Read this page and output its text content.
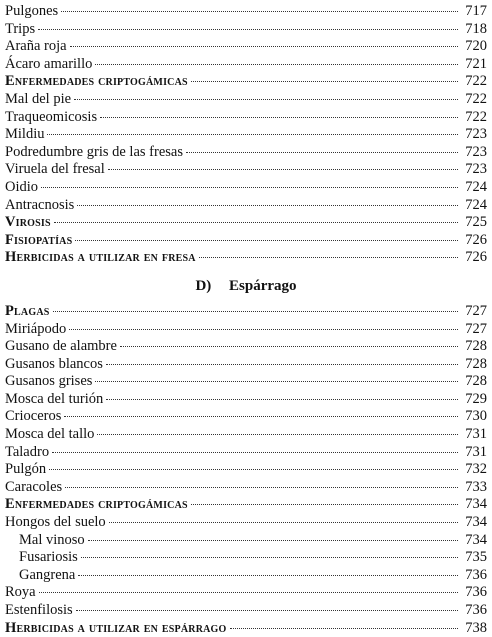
Pulgones	717
Trips	718
Araña roja	720
Ácaro amarillo	721
Enfermedades criptogámicas	722
Mal del pie	722
Traqueomicosis	722
Mildiu	723
Podredumbre gris de las fresas	723
Viruela del fresal	723
Oidio	724
Antracnosis	724
Virosis	725
Fisiopatías	726
Herbicidas a utilizar en fresa	726
D) Espárrago
Plagas	727
Miriápodo	727
Gusano de alambre	728
Gusanos blancos	728
Gusanos grises	728
Mosca del turión	729
Crioceros	730
Mosca del tallo	731
Taladro	731
Pulgón	732
Caracoles	733
Enfermedades criptogámicas	734
Hongos del suelo	734
Mal vinoso	734
Fusariosis	735
Gangrena	736
Roya	736
Estenfilosis	736
Herbicidas a utilizar en espárrago	738
